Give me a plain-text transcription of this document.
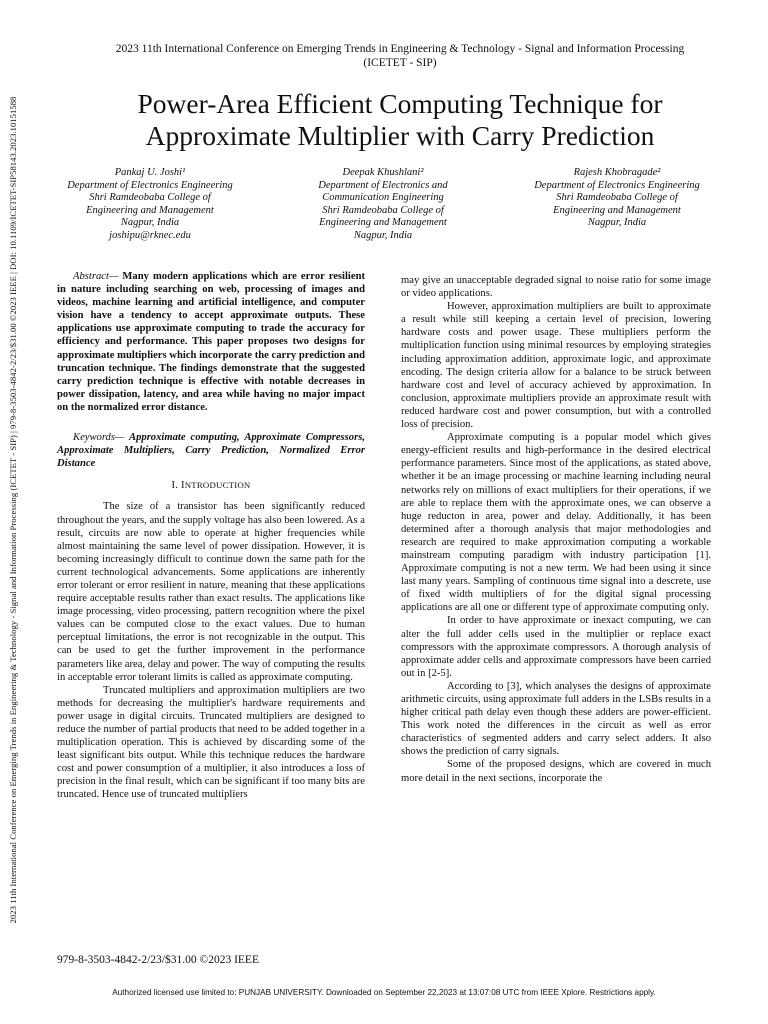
2023 11th International Conference on Emerging Trends in Engineering & Technology - Signal and Information Processing (ICETET - SIP) | 979-8-3503-4842-2/23/$31.00 ©2023 IEEE | DOI: 10.1109/ICETET-SIP58143.2023.10151588
2023 11th International Conference on Emerging Trends in Engineering & Technology - Signal and Information Processing
(ICETET - SIP)
Power-Area Efficient Computing Technique for
Approximate Multiplier with Carry Prediction
Pankaj U. Joshi¹
Department of Electronics Engineering
Shri Ramdeobaba College of
Engineering and Management
Nagpur, India
joshipu@rknec.edu
Deepak Khushlani²
Department of Electronics and
Communication Engineering
Shri Ramdeobaba College of
Engineering and Management
Nagpur, India
Rajesh Khobragade²
Department of Electronics Engineering
Shri Ramdeobaba College of
Engineering and Management
Nagpur, India

Abstract— Many modern applications which are error resilient in nature including searching on web, processing of images and videos, machine learning and artificial intelligence, and computer vision have a tendency to accept approximate outputs. These applications use approximate computing to trade the accuracy for efficiency and performance. This paper proposes two designs for approximate multipliers which incorporate the carry prediction and truncation technique. The findings demonstrate that the suggested carry prediction technique is effective with notable decreases in power dissipation, latency, and area while having no major impact on the normalized error distance.

Keywords— Approximate computing, Approximate Compressors, Approximate Multipliers, Carry Prediction, Normalized Error Distance

I. INTRODUCTION

The size of a transistor has been significantly reduced throughout the years, and the supply voltage has also been lowered. As a result, circuits are now able to operate at higher frequencies while almost maintaining the same level of power dissipation. However, it is becoming increasingly difficult to continue down the same path for the current technological advancements. Some applications are inherently error tolerant or error resilient in nature, meaning that these applications require acceptable results rather than exact results. The applications like image processing, video processing, pattern recognition where the pixel values can be computed close to the exact values. Due to human perceptual limitations, the error is not recognizable in the output. This can be used to get the further improvement in the performance parameters like area, delay and power. The way of computing the results in acceptable error tolerant limits is called as approximate computing.

Truncated multipliers and approximation multipliers are two methods for decreasing the multiplier's hardware requirements and power usage in digital circuits. Truncated multipliers are designed to reduce the number of partial products that need to be added together in a multiplication operation. This is achieved by discarding some of the least significant bits output. While this technique reduces the hardware cost and power consumption of a multiplier, it also introduces a loss of precision in the final result, which can be significant if too many bits are truncated. Hence use of truncated multipliers

may give an unacceptable degraded signal to noise ratio for some image or video applications.

However, approximation multipliers are built to approximate a result while still keeping a certain level of precision, lowering hardware costs and power usage. These multipliers perform the multiplication function using minimal resources by employing strategies including approximation addition, approximate logic, and approximate encoding. The design criteria allow for a balance to be struck between hardware cost and level of accuracy achieved by approximation. In conclusion, approximate multipliers provide an approximate result with reduced hardware cost and power consumption, but with a controlled loss of precision.

Approximate computing is a popular model which gives energy-efficient results and high-performance in the desired electrical performance parameters. Since most of the applications, as stated above, whether it be an image processing or machine learning including neural networks rely on millions of exact multipliers for their operations, if we are able to replace them with the approximate ones, we can observe a huge reducton in area, power and delay. Additionally, it has been determined after a thorough analysis that major methodologies and research are required to make approximation computing a workable mainstream computing paradigm with industry participation [1]. Approximate computing is not a new term. We had been using it since last many years. Sampling of continuous time signal into a descrete, use of fixed width multipliers of for the digital signal processing applications are all one or different type of approximate computing only.

In order to have approximate or inexact computing, we can alter the full adder cells used in the multiplier or replace exact compressors with the approximate compressors. A thorough analysis of approximate adder cells and approximate compressors have been carried out in [2-5].

According to [3], which analyses the designs of approximate arithmetic circuits, using approximate full adders in the LSBs results in a higher critical path delay even though these adders are power-efficient. This work noted the differences in the circuit as well as error characteristics of segmented adders and carry select adders. It also shows the prediction of carry signals.

Some of the proposed designs, which are covered in much more detail in the next sections, incorporate the

979-8-3503-4842-2/23/$31.00 ©2023 IEEE
Authorized licensed use limited to: PUNJAB UNIVERSITY. Downloaded on September 22,2023 at 13:07:08 UTC from IEEE Xplore. Restrictions apply.
